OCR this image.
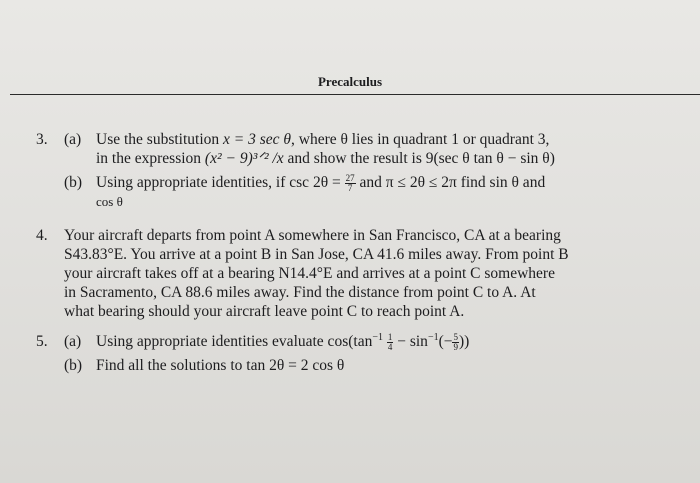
Precalculus
3. (a) Use the substitution x = 3 sec θ, where θ lies in quadrant 1 or quadrant 3,
in the expression (x² − 9)³ᐟ² /x and show the result is 9(sec θ tan θ − sin θ)
(b) Using appropriate identities, if $\csc 2\theta = \frac{27}{7}$ and π ≤ 2θ ≤ 2π find sin θ and
cos θ
4. Your aircraft departs from point A somewhere in San Francisco, CA at a bearing
S43.83°E. You arrive at a point B in San Jose, CA 41.6 miles away. From point B
your aircraft takes off at a bearing N14.4°E and arrives at a point C somewhere
in Sacramento, CA 88.6 miles away. Find the distance from point C to A. At
what bearing should your aircraft leave point C to reach point A.
5. (a) Using appropriate identities evaluate $\cos(\tan^{-1} \frac{1}{4} - \sin^{-1}(- \frac{5}{9}$ ))
(b) Find all the solutions to tan 2θ = 2 cos θ
